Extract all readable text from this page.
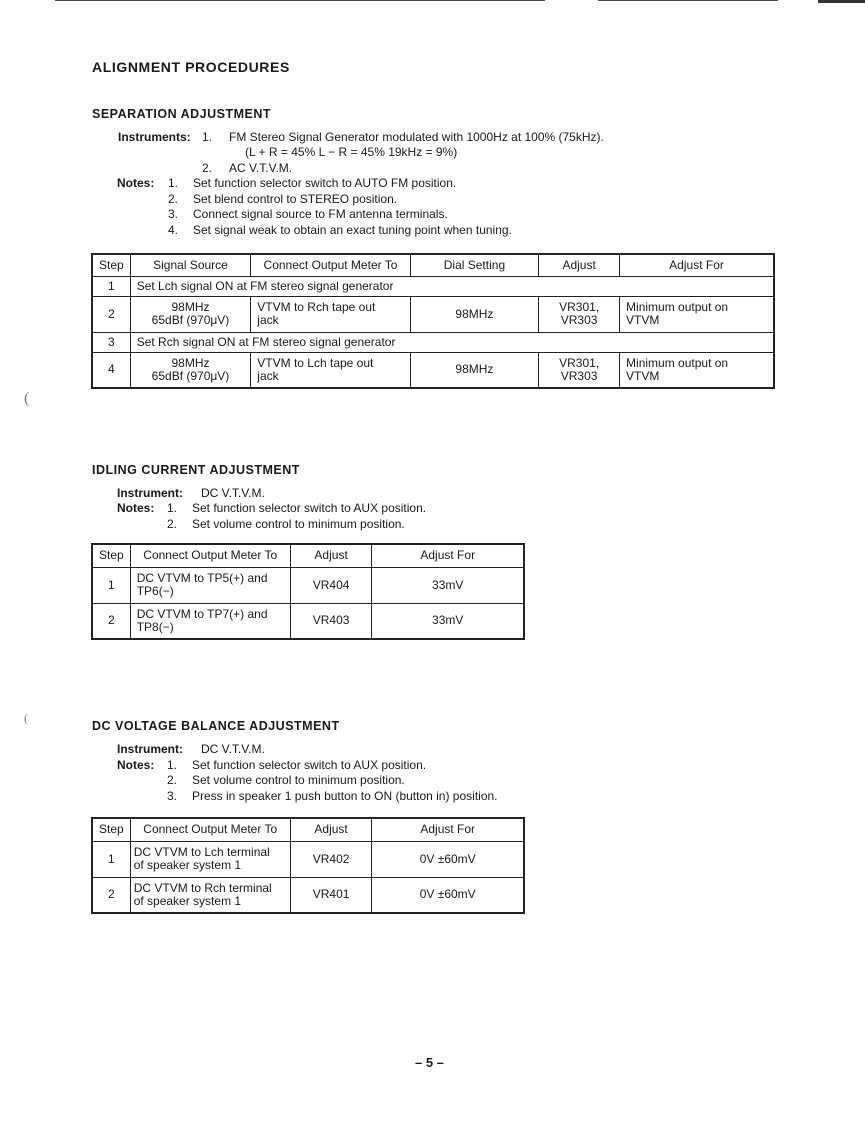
(
(
ALIGNMENT PROCEDURES
SEPARATION ADJUSTMENT
Instruments: 1. FM Stereo Signal Generator modulated with 1000Hz at 100% (75kHz).
(L + R = 45% L − R = 45% 19kHz = 9%)
2. AC V.T.V.M.
Notes: 1. Set function selector switch to AUTO FM position.
2. Set blend control to STEREO position.
3. Connect signal source to FM antenna terminals.
4. Set signal weak to obtain an exact tuning point when tuning.
Step	Signal Source	Connect Output Meter To	Dial Setting	Adjust	Adjust For
1	Set Lch signal ON at FM stereo signal generator				
2	98MHz
65dBf (970μV)	VTVM to Rch tape out
jack	98MHz	VR301,
VR303	Minimum output on
VTVM
3	Set Rch signal ON at FM stereo signal generator				
4	98MHz
65dBf (970μV)	VTVM to Lch tape out
jack	98MHz	VR301,
VR303	Minimum output on
VTVM
IDLING CURRENT ADJUSTMENT
Instrument: DC V.T.V.M.
Notes: 1. Set function selector switch to AUX position.
2. Set volume control to minimum position.
Step	Connect Output Meter To	Adjust	Adjust For
1	DC VTVM to TP5(+) and
TP6(−)	VR404	33mV
2	DC VTVM to TP7(+) and
TP8(−)	VR403	33mV
DC VOLTAGE BALANCE ADJUSTMENT
Instrument: DC V.T.V.M.
Notes: 1. Set function selector switch to AUX position.
2. Set volume control to minimum position.
3. Press in speaker 1 push button to ON (button in) position.
Step	Connect Output Meter To	Adjust	Adjust For
1	DC VTVM to Lch terminal
of speaker system 1	VR402	0V ±60mV
2	DC VTVM to Rch terminal
of speaker system 1	VR401	0V ±60mV
– 5 –
